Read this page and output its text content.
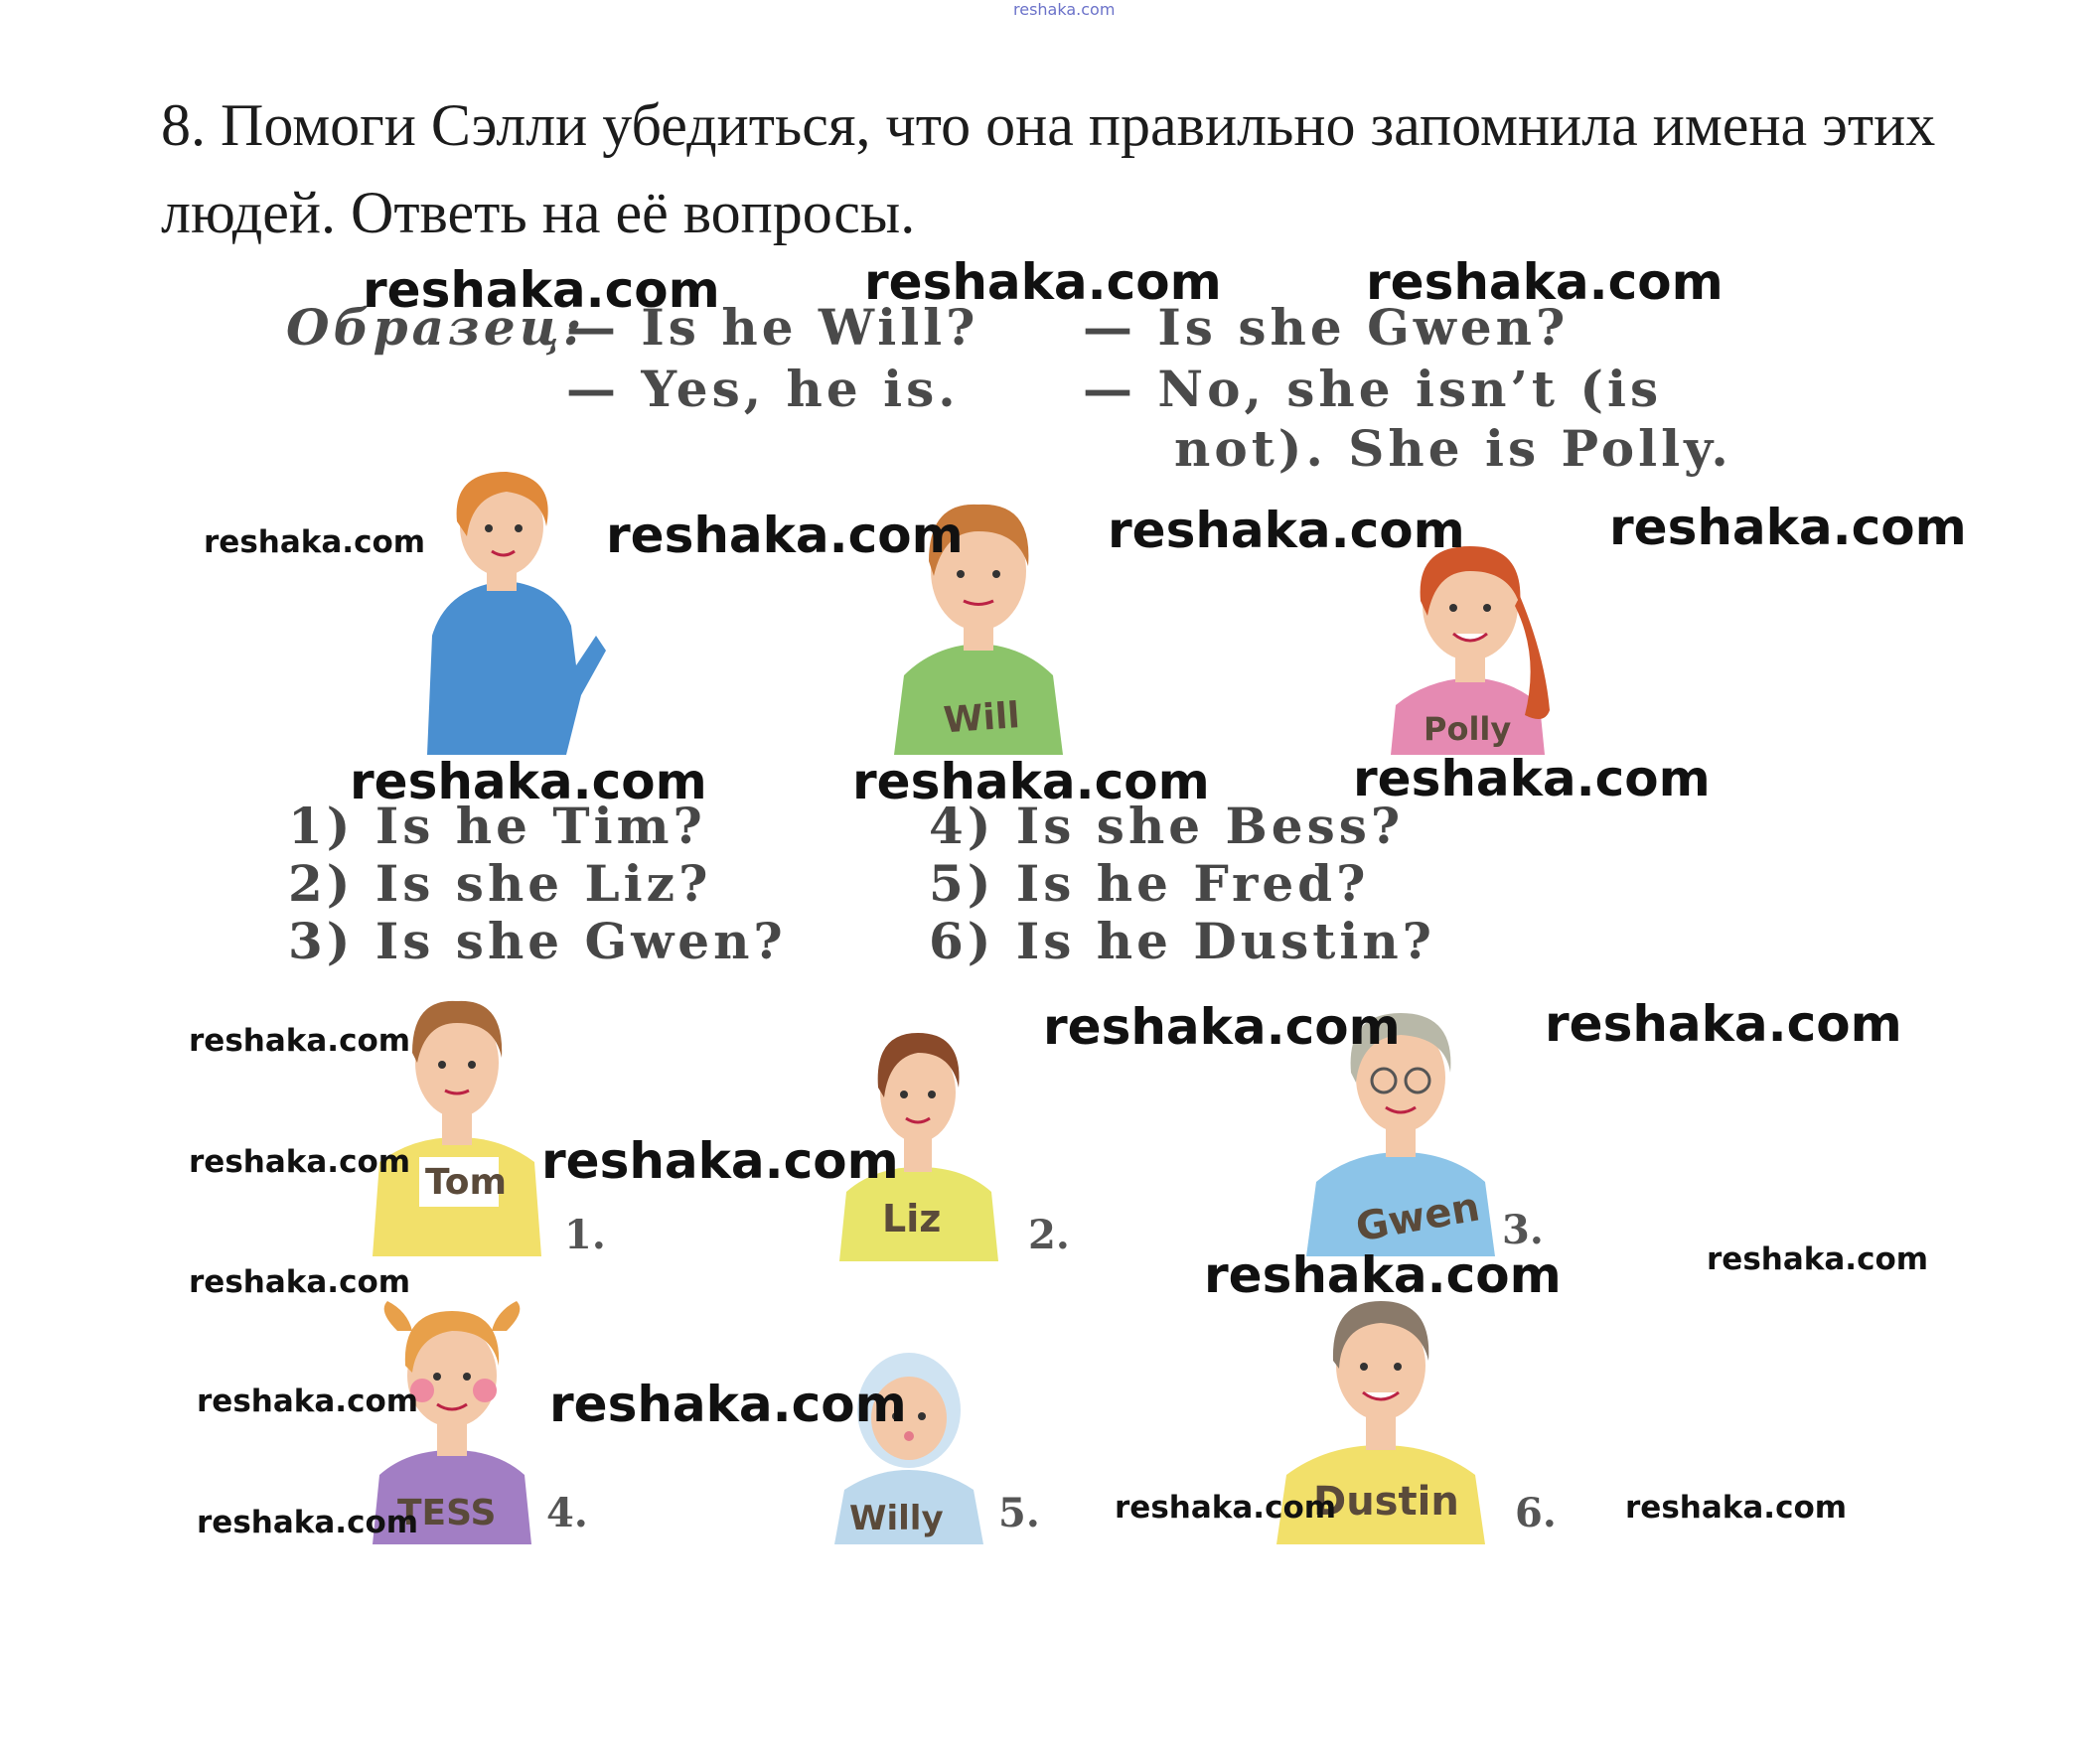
reshaka.com
8. Помоги Сэлли убедиться, что она правильно запомнила имена этих
людей. Ответь на её вопросы.
Образец:
— Is he Will?
— Yes, he is.
— Is she Gwen?
— No, she isn’t (is
not). She is Polly.
Will	Polly
1) Is he Tim?
2) Is she Liz?
3) Is she Gwen?
4) Is she Bess?
5) Is he Fred?
6) Is he Dustin?
Tom
1.	Liz 2.	Gwen 3.
TESS 4.	Willy 5.	Dustin 6.
reshaka.com	reshaka.com	reshaka.com
reshaka.com	reshaka.com	reshaka.com	reshaka.com
reshaka.com	reshaka.com	reshaka.com
reshaka.com	reshaka.com	reshaka.com
reshaka.com	reshaka.com
reshaka.com	reshaka.com	reshaka.com
reshaka.com	reshaka.com
reshaka.com	reshaka.com	reshaka.com
